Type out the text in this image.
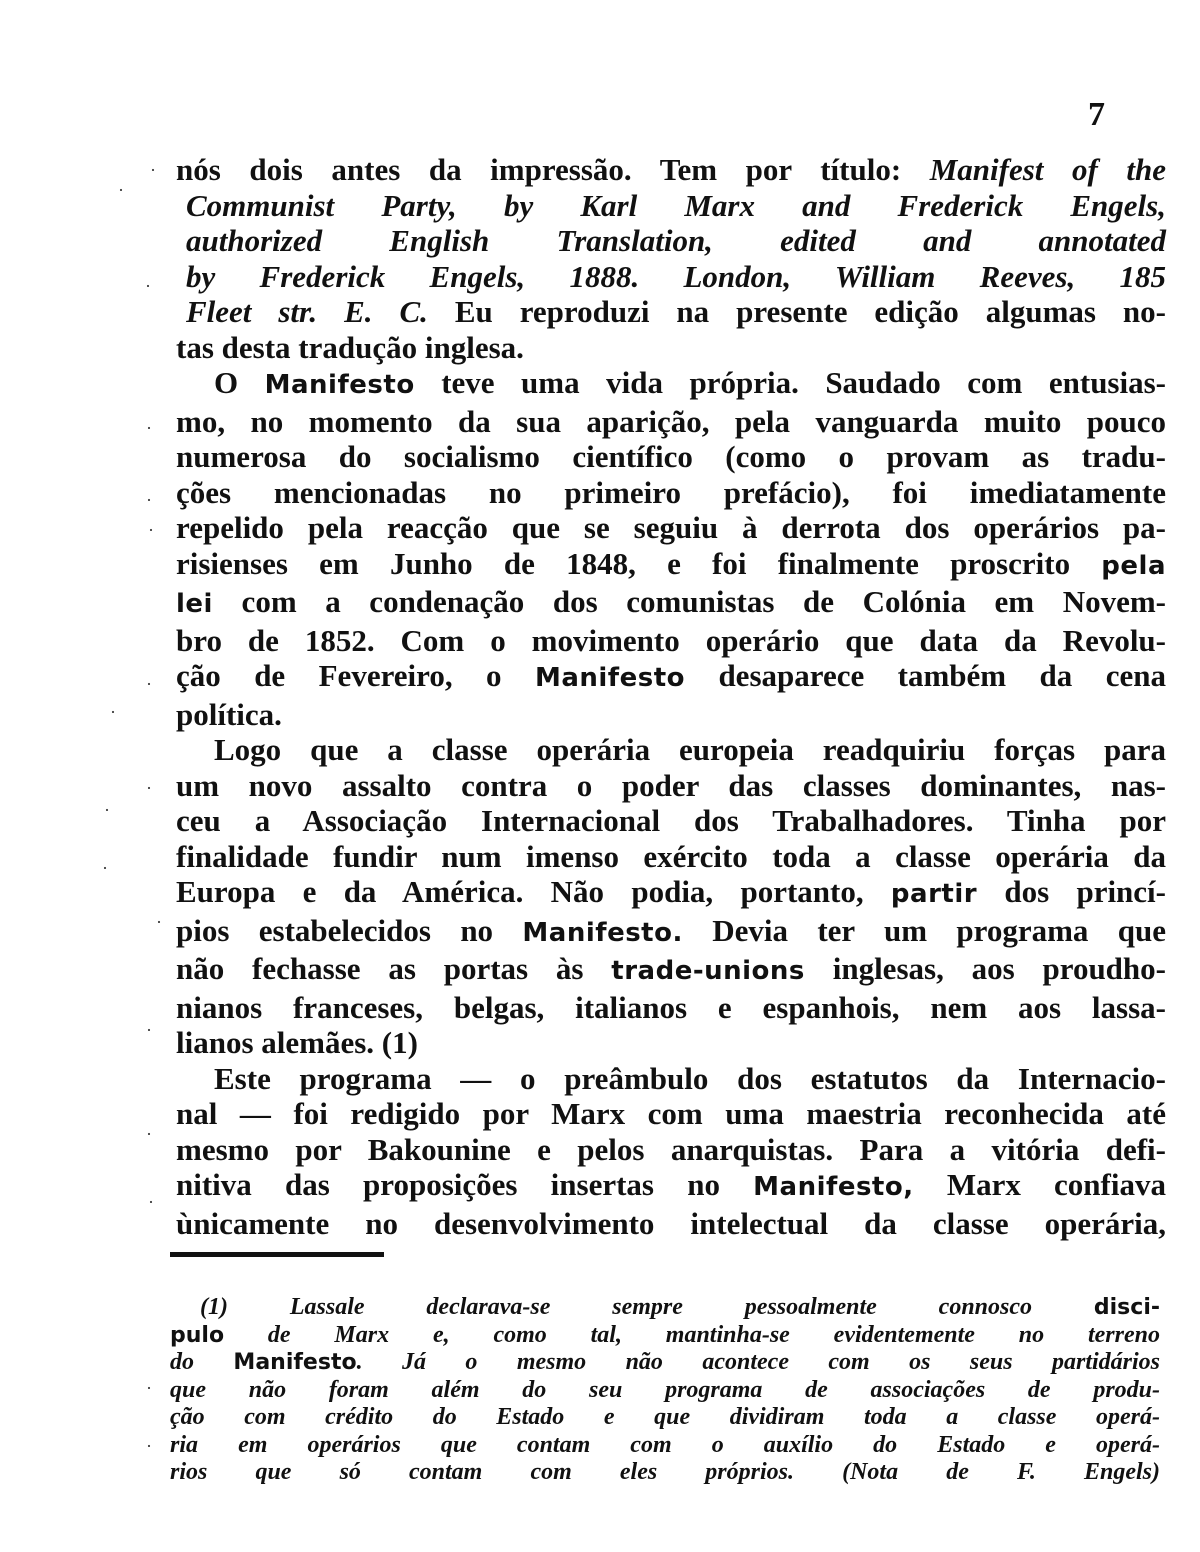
7
nós dois antes da impressão. Tem por título: Manifest of the
Communist Party, by Karl Marx and Frederick Engels,
authorized English Translation, edited and annotated
by Frederick Engels, 1888. London, William Reeves, 185
Fleet str. E. C. Eu reproduzi na presente edição algumas no-
tas desta tradução inglesa.
O Manifesto teve uma vida própria. Saudado com entusias-
mo, no momento da sua aparição, pela vanguarda muito pouco
numerosa do socialismo científico (como o provam as tradu-
ções mencionadas no primeiro prefácio), foi imediatamente
repelido pela reacção que se seguiu à derrota dos operários pa-
risienses em Junho de 1848, e foi finalmente proscrito pela
lei com a condenação dos comunistas de Colónia em Novem-
bro de 1852. Com o movimento operário que data da Revolu-
ção de Fevereiro, o Manifesto desaparece também da cena
política.
Logo que a classe operária europeia readquiriu forças para
um novo assalto contra o poder das classes dominantes, nas-
ceu a Associação Internacional dos Trabalhadores. Tinha por
finalidade fundir num imenso exército toda a classe operária da
Europa e da América. Não podia, portanto, partir dos princí-
pios estabelecidos no Manifesto. Devia ter um programa que
não fechasse as portas às trade-unions inglesas, aos proudho-
nianos franceses, belgas, italianos e espanhois, nem aos lassa-
lianos alemães. (1)
Este programa — o preâmbulo dos estatutos da Internacio-
nal — foi redigido por Marx com uma maestria reconhecida até
mesmo por Bakounine e pelos anarquistas. Para a vitória defi-
nitiva das proposições insertas no Manifesto, Marx confiava
ùnicamente no desenvolvimento intelectual da classe operária,
(1) Lassale declarava-se sempre pessoalmente connosco disci-
pulo de Marx e, como tal, mantinha-se evidentemente no terreno
do Manifesto. Já o mesmo não acontece com os seus partidários
que não foram além do seu programa de associações de produ-
ção com crédito do Estado e que dividiram toda a classe operá-
ria em operários que contam com o auxílio do Estado e operá-
rios que só contam com eles próprios. (Nota de F. Engels)
·
·
·
·
·
·
·
·
·
·
·
·
·
·
·
·
·
